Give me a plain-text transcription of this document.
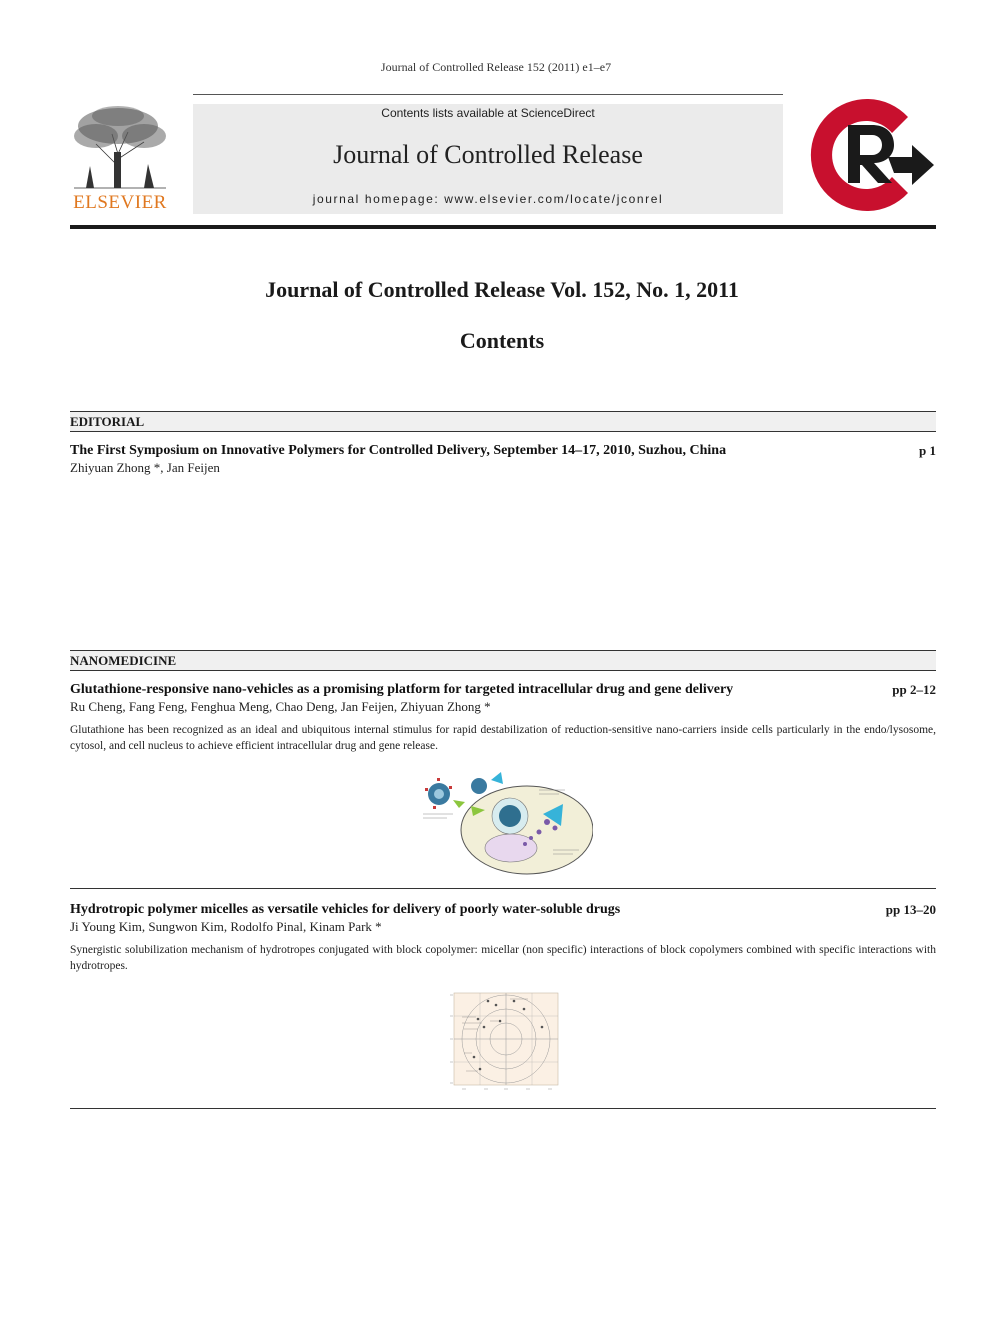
Journal of Controlled Release 152 (2011) e1–e7
ELSEVIER
Contents lists available at ScienceDirect
Journal of Controlled Release
journal homepage: www.elsevier.com/locate/jconrel
Journal of Controlled Release Vol. 152, No. 1, 2011
Contents
EDITORIAL
The First Symposium on Innovative Polymers for Controlled Delivery, September 14–17, 2010, Suzhou, China	p 1
Zhiyuan Zhong *, Jan Feijen
NANOMEDICINE
Glutathione-responsive nano-vehicles as a promising platform for targeted intracellular drug and gene delivery	pp 2–12
Ru Cheng, Fang Feng, Fenghua Meng, Chao Deng, Jan Feijen, Zhiyuan Zhong *
Glutathione has been recognized as an ideal and ubiquitous internal stimulus for rapid destabilization of reduction-sensitive nano-carriers inside cells particularly in the endo/lysosome, cytosol, and cell nucleus to achieve efficient intracellular drug and gene release.
Hydrotropic polymer micelles as versatile vehicles for delivery of poorly water-soluble drugs	pp 13–20
Ji Young Kim, Sungwon Kim, Rodolfo Pinal, Kinam Park *
Synergistic solubilization mechanism of hydrotropes conjugated with block copolymer: micellar (non specific) interactions of block copolymers combined with specific interactions with hydrotropes.
